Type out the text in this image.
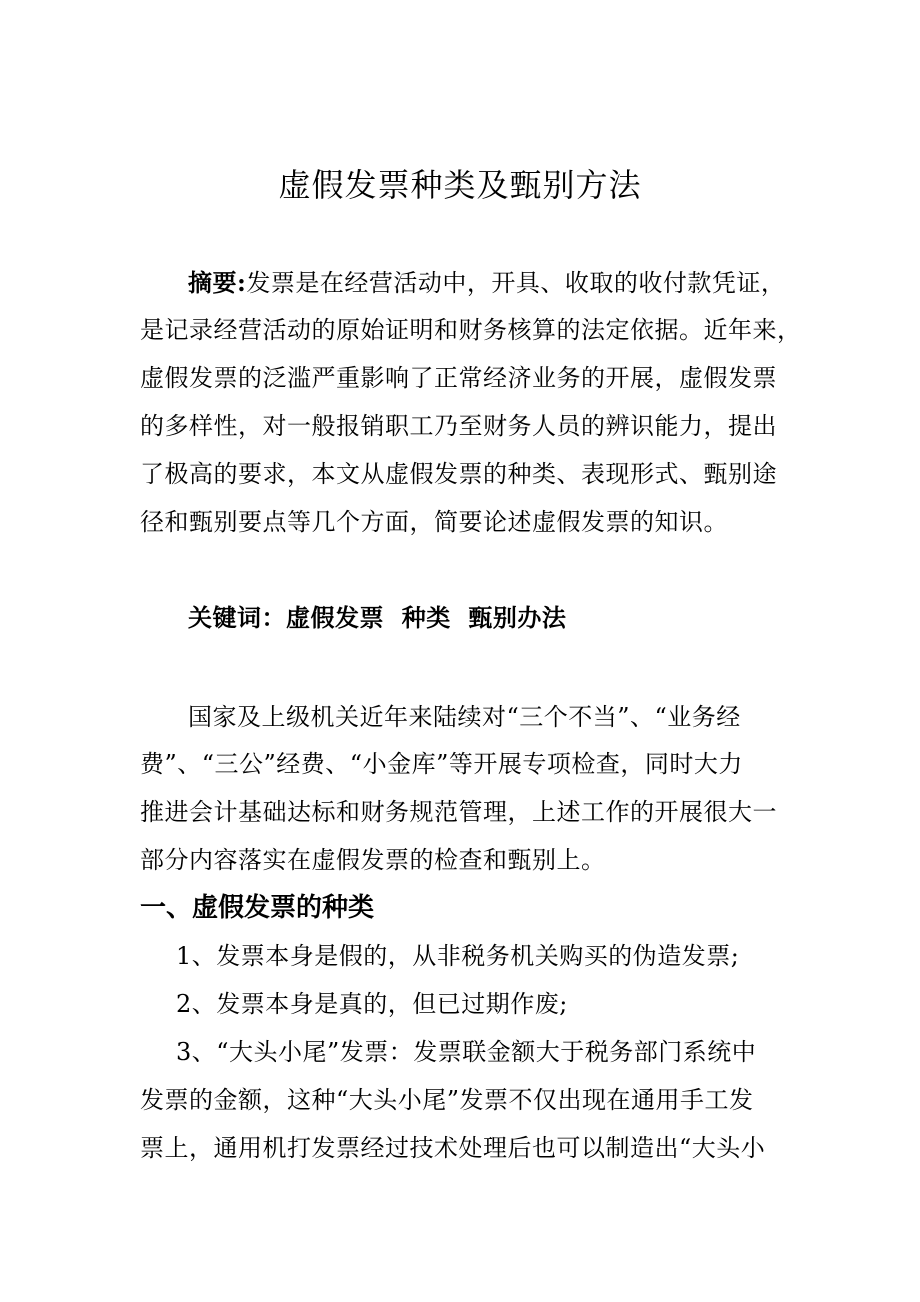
虚假发票种类及甄别方法
摘要:发票是在经营活动中，开具、收取的收付款凭证，
是记录经营活动的原始证明和财务核算的法定依据。近年来，
虚假发票的泛滥严重影响了正常经济业务的开展，虚假发票
的多样性，对一般报销职工乃至财务人员的辨识能力，提出
了极高的要求，本文从虚假发票的种类、表现形式、甄别途
径和甄别要点等几个方面，简要论述虚假发票的知识。
关键词：虚假发票  种类  甄别办法
国家及上级机关近年来陆续对“三个不当”、“业务经
费”、“三公”经费、“小金库”等开展专项检查，同时大力
推进会计基础达标和财务规范管理，上述工作的开展很大一
部分内容落实在虚假发票的检查和甄别上。
一、虚假发票的种类
1、发票本身是假的，从非税务机关购买的伪造发票;
2、发票本身是真的，但已过期作废;
3、“大头小尾”发票：发票联金额大于税务部门系统中
发票的金额，这种“大头小尾”发票不仅出现在通用手工发
票上，通用机打发票经过技术处理后也可以制造出“大头小
